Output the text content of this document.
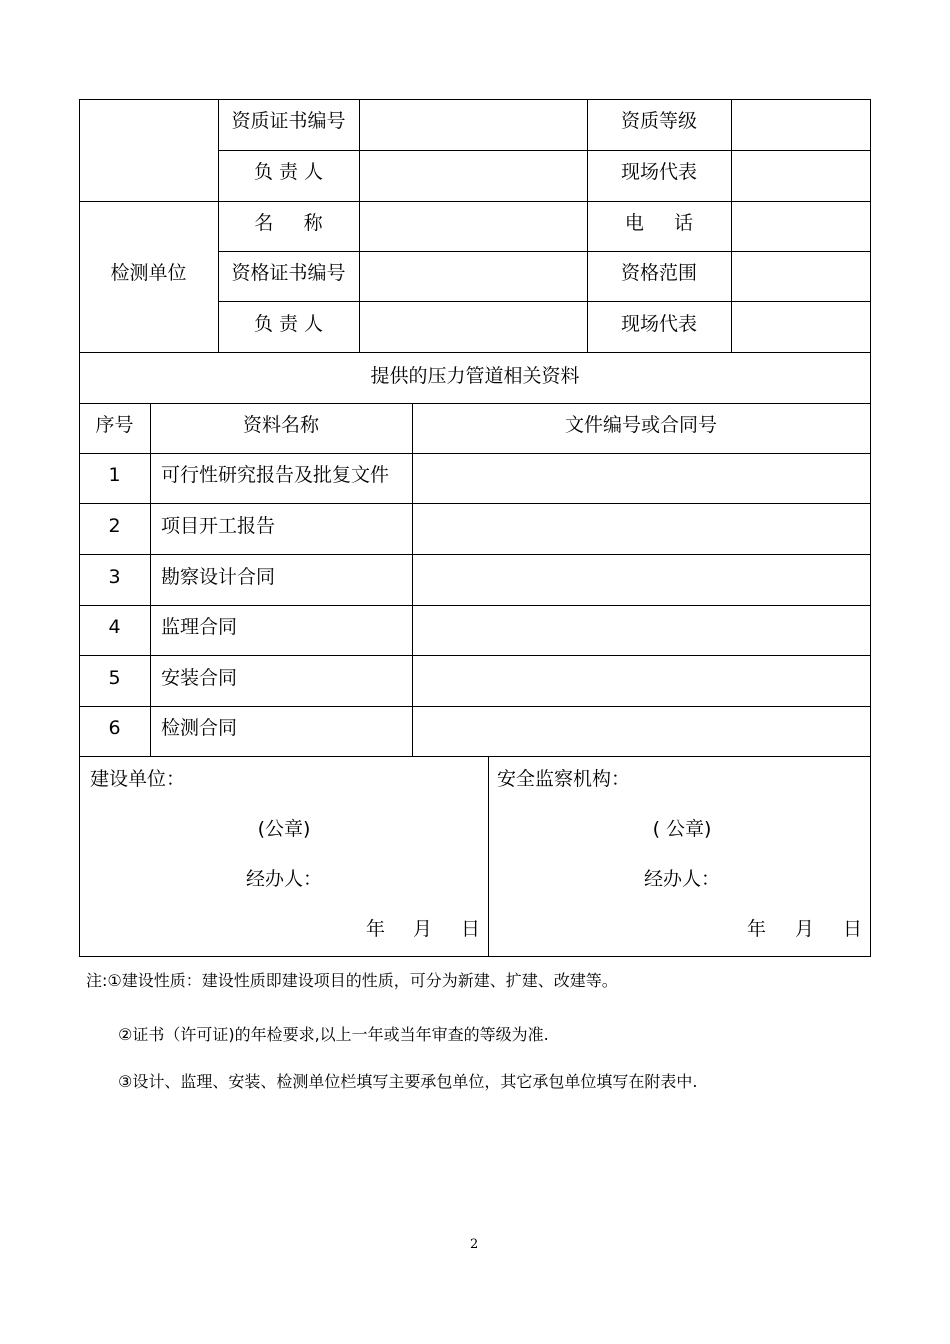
资质证书编号	资质等级
负 责 人	现场代表
检测单位
名     称	电     话
资格证书编号	资格范围
负 责 人	现场代表
提供的压力管道相关资料
序号	资料名称	文件编号或合同号
1	可行性研究报告及批复文件
2	项目开工报告
3	勘察设计合同
4	监理合同
5	安装合同
6	检测合同
建设单位：
(公章)
经办人：
年 月 日
安全监察机构：
( 公章)
经办人：
年 月 日
注:①建设性质：建设性质即建设项目的性质，可分为新建、扩建、改建等。
②证书（许可证)的年检要求,以上一年或当年审查的等级为准.
③设计、监理、安装、检测单位栏填写主要承包单位，其它承包单位填写在附表中.
2
